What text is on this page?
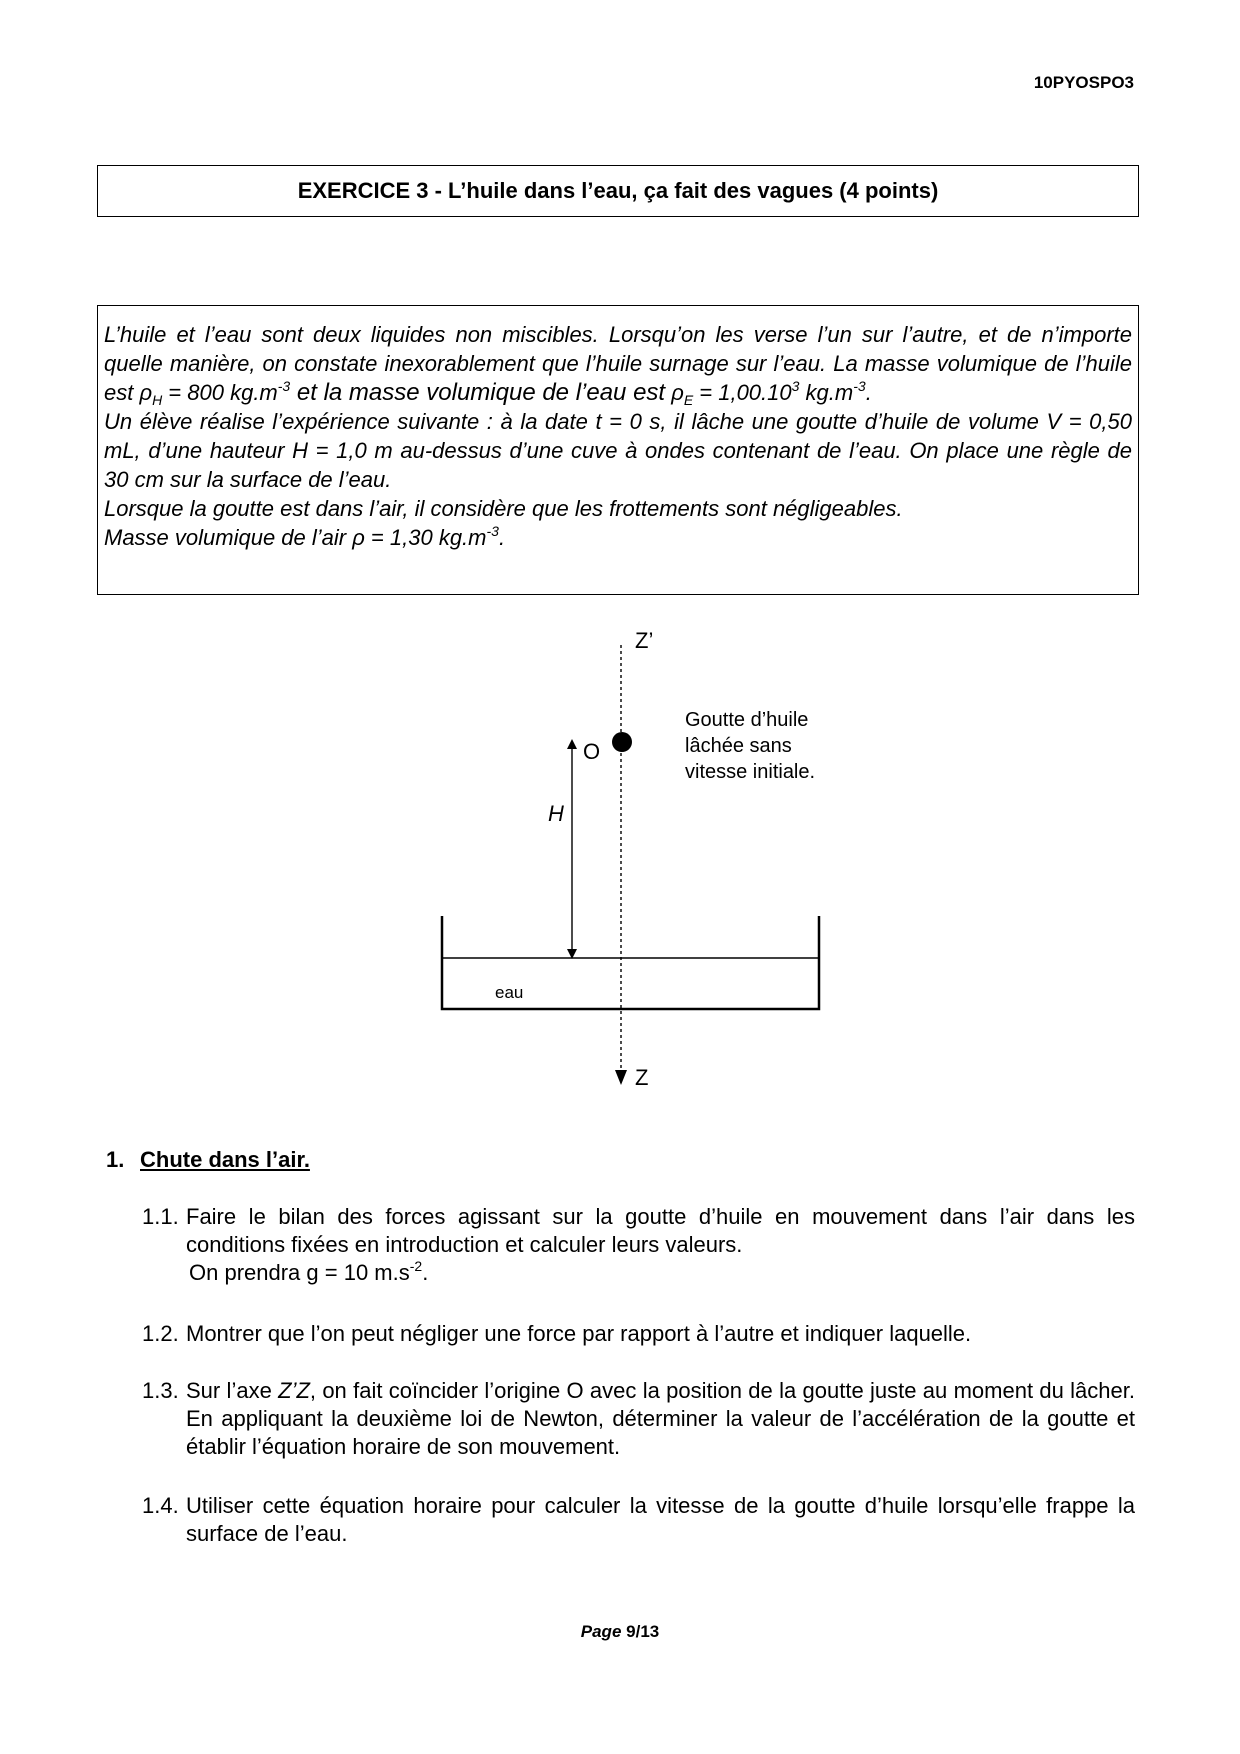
10PYOSPO3
EXERCICE 3 - L’huile dans l’eau, ça fait des vagues (4 points)

L’huile et l’eau sont deux liquides non miscibles. Lorsqu’on les verse l’un sur l’autre, et de n’importe quelle manière, on constate inexorablement que l’huile surnage sur l’eau. La masse volumique de l’huile est $\rho_H = 800$ $kg.m^{-3}$ et la masse volumique de l’eau est $\rho_E = 1,00.10^3$ $kg.m^{-3}$.

Un élève réalise l’expérience suivante : à la date t = 0 s, il lâche une goutte d’huile de volume V = 0,50 mL, d’une hauteur H = 1,0 m au-dessus d’une cuve à ondes contenant de l’eau. On place une règle de 30 cm sur la surface de l’eau.

Lorsque la goutte est dans l’air, il considère que les frottements sont négligeables.

Masse volumique de l’air ρ = 1,30 $kg.m^{-3}$.

Z’
Z
O
H
Goutte d’huile
lâchée sans
vitesse initiale.
eau
1. Chute dans l’air.
1.1. Faire le bilan des forces agissant sur la goutte d’huile en mouvement dans l’air dans les conditions fixées en introduction et calculer leurs valeurs.
On prendra g = 10 $m.s^{-2}$.
1.2. Montrer que l’on peut négliger une force par rapport à l’autre et indiquer laquelle.
1.3. Sur l’axe Z’Z, on fait coïncider l’origine O avec la position de la goutte juste au moment du lâcher. En appliquant la deuxième loi de Newton, déterminer la valeur de l’accélération de la goutte et établir l’équation horaire de son mouvement.
1.4. Utiliser cette équation horaire pour calculer la vitesse de la goutte d’huile lorsqu’elle frappe la surface de l’eau.
Page 9/13
